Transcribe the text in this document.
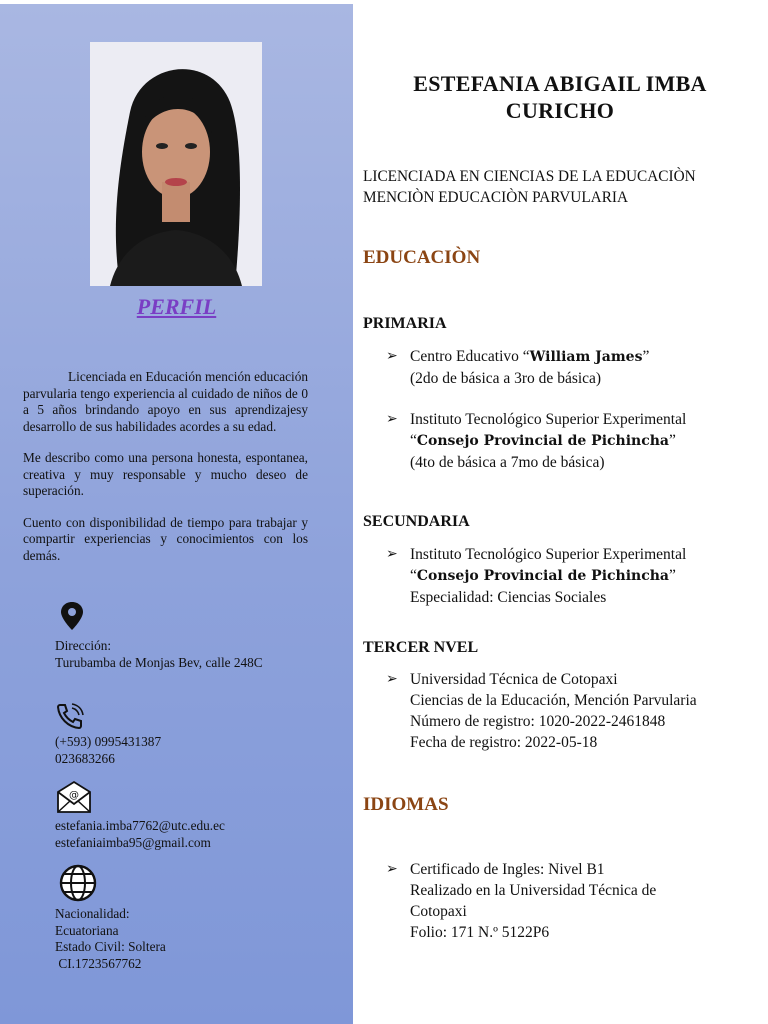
PERFIL

Licenciada en Educación mención educación parvularia tengo experiencia al cuidado de niños de 0 a 5 años brindando apoyo en sus aprendizajesy desarrollo de sus habilidades acordes a su edad.

Me describo como una persona honesta, espontanea, creativa y muy responsable y mucho deseo de superación.

Cuento con disponibilidad de tiempo para trabajar y compartir experiencias y conocimientos con los demás.

Dirección:
Turubamba de Monjas Bev, calle 248C
(+593) 0995431387
023683266
@
estefania.imba7762@utc.edu.ec
estefaniaimba95@gmail.com
Nacionalidad:
Ecuatoriana
Estado Civil: Soltera
CI.1723567762
ESTEFANIA ABIGAIL IMBA
CURICHO
LICENCIADA EN CIENCIAS DE LA EDUCACIÒN
MENCIÒN EDUCACIÒN PARVULARIA
EDUCACIÒN
PRIMARIA
➢ Centro Educativo “William James”
(2do de básica a 3ro de básica)
➢ Instituto Tecnológico Superior Experimental
“Consejo Provincial de Pichincha”
(4to de básica a 7mo de básica)
SECUNDARIA
➢ Instituto Tecnológico Superior Experimental
“Consejo Provincial de Pichincha”
Especialidad: Ciencias Sociales
TERCER NVEL
➢ Universidad Técnica de Cotopaxi
Ciencias de la Educación, Mención Parvularia
Número de registro: 1020-2022-2461848
Fecha de registro: 2022-05-18
IDIOMAS
➢ Certificado de Ingles: Nivel B1
Realizado en la Universidad Técnica de
Cotopaxi
Folio: 171 N.º 5122P6
